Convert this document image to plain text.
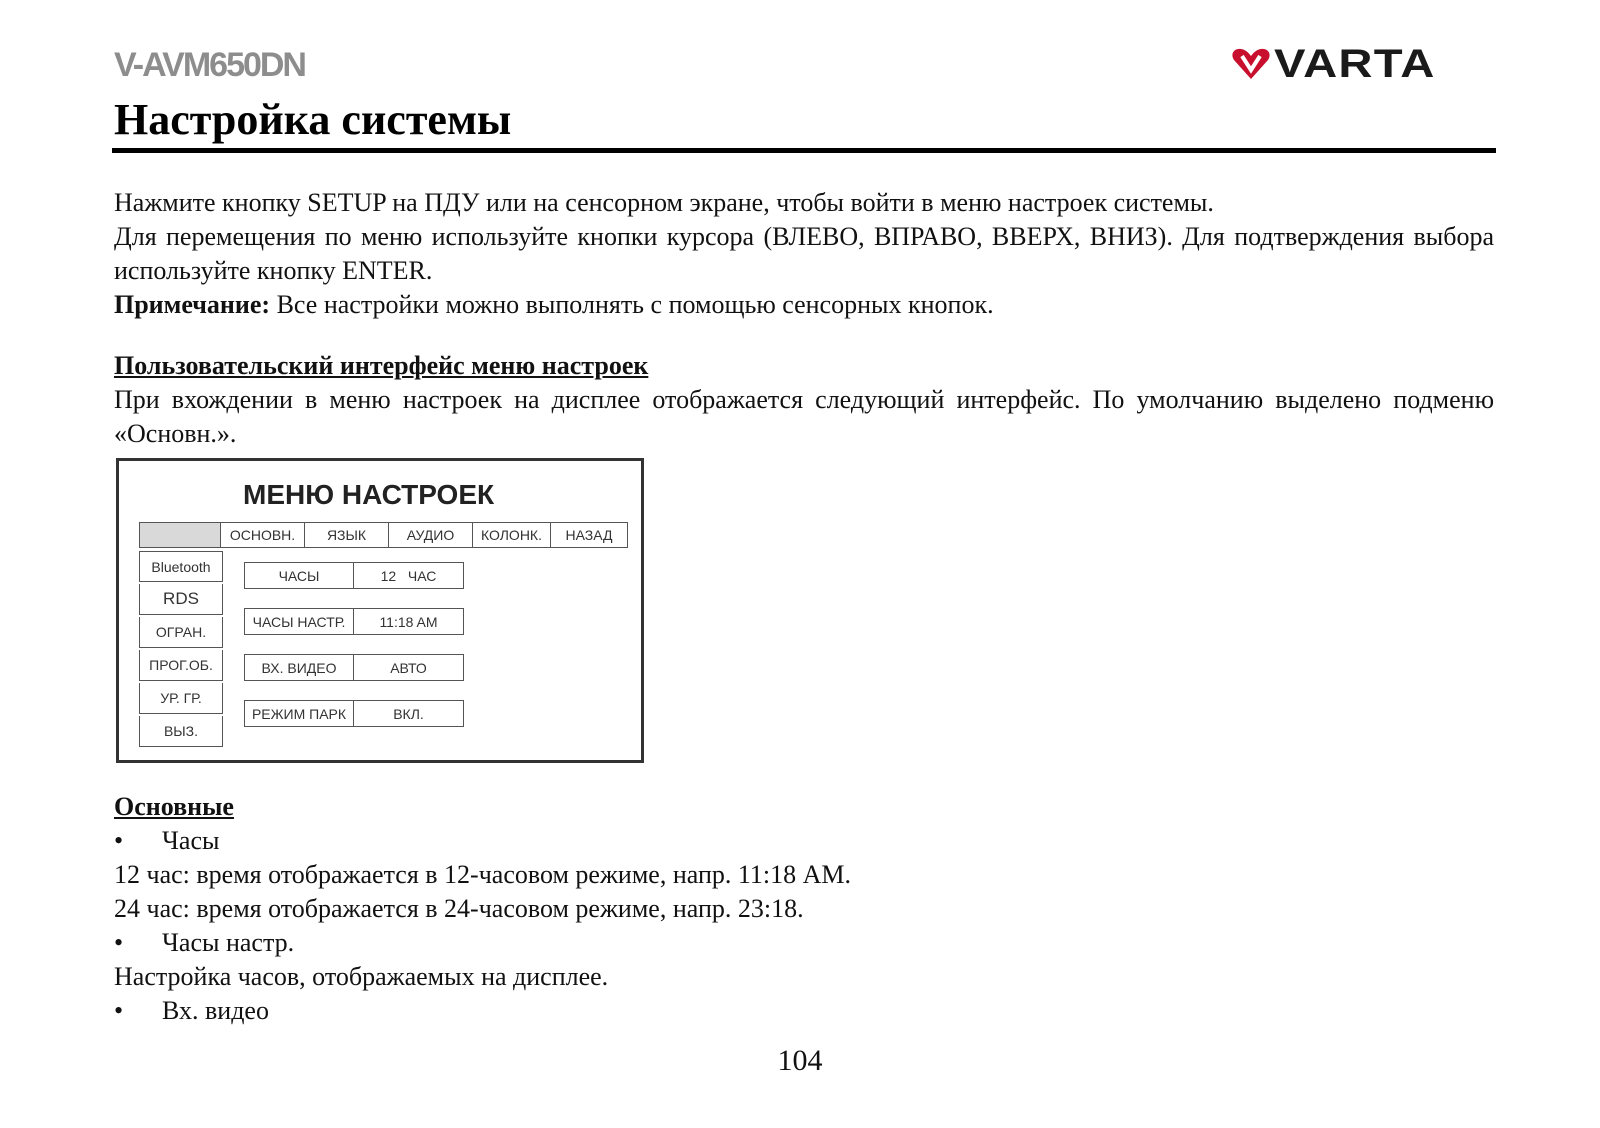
V-AVM650DN	VARTA
Настройка системы

Нажмите кнопку SETUP на ПДУ или на сенсорном экране, чтобы войти в меню настроек системы.

Для перемещения по меню используйте кнопки курсора (ВЛЕВО, ВПРАВО, ВВЕРХ, ВНИЗ). Для подтверждения выбора используйте кнопку ENTER.

Примечание: Все настройки можно выполнять с помощью сенсорных кнопок.

Пользовательский интерфейс меню настроек

При вхождении в меню настроек на дисплее отображается следующий интерфейс. По умолчанию выделено подменю «Основн.».

МЕНЮ НАСТРОЕК
ОСНОВН.	ЯЗЫК	АУДИО	КОЛОНК.	НАЗАД
Bluetooth
RDS
ОГРАН.
ПРОГ.ОБ.
УР. ГР.
ВЫЗ.
ЧАСЫ	12   ЧАС
ЧАСЫ НАСТР.	11:18 AM
ВХ. ВИДЕО	АВТО
РЕЖИМ ПАРК	ВКЛ.

Основные

•	Часы

12 час: время отображается в 12-часовом режиме, напр. 11:18 AM.

24 час: время отображается в 24-часовом режиме, напр. 23:18.

•	Часы настр.

Настройка часов, отображаемых на дисплее.

•	Вх. видео

104
